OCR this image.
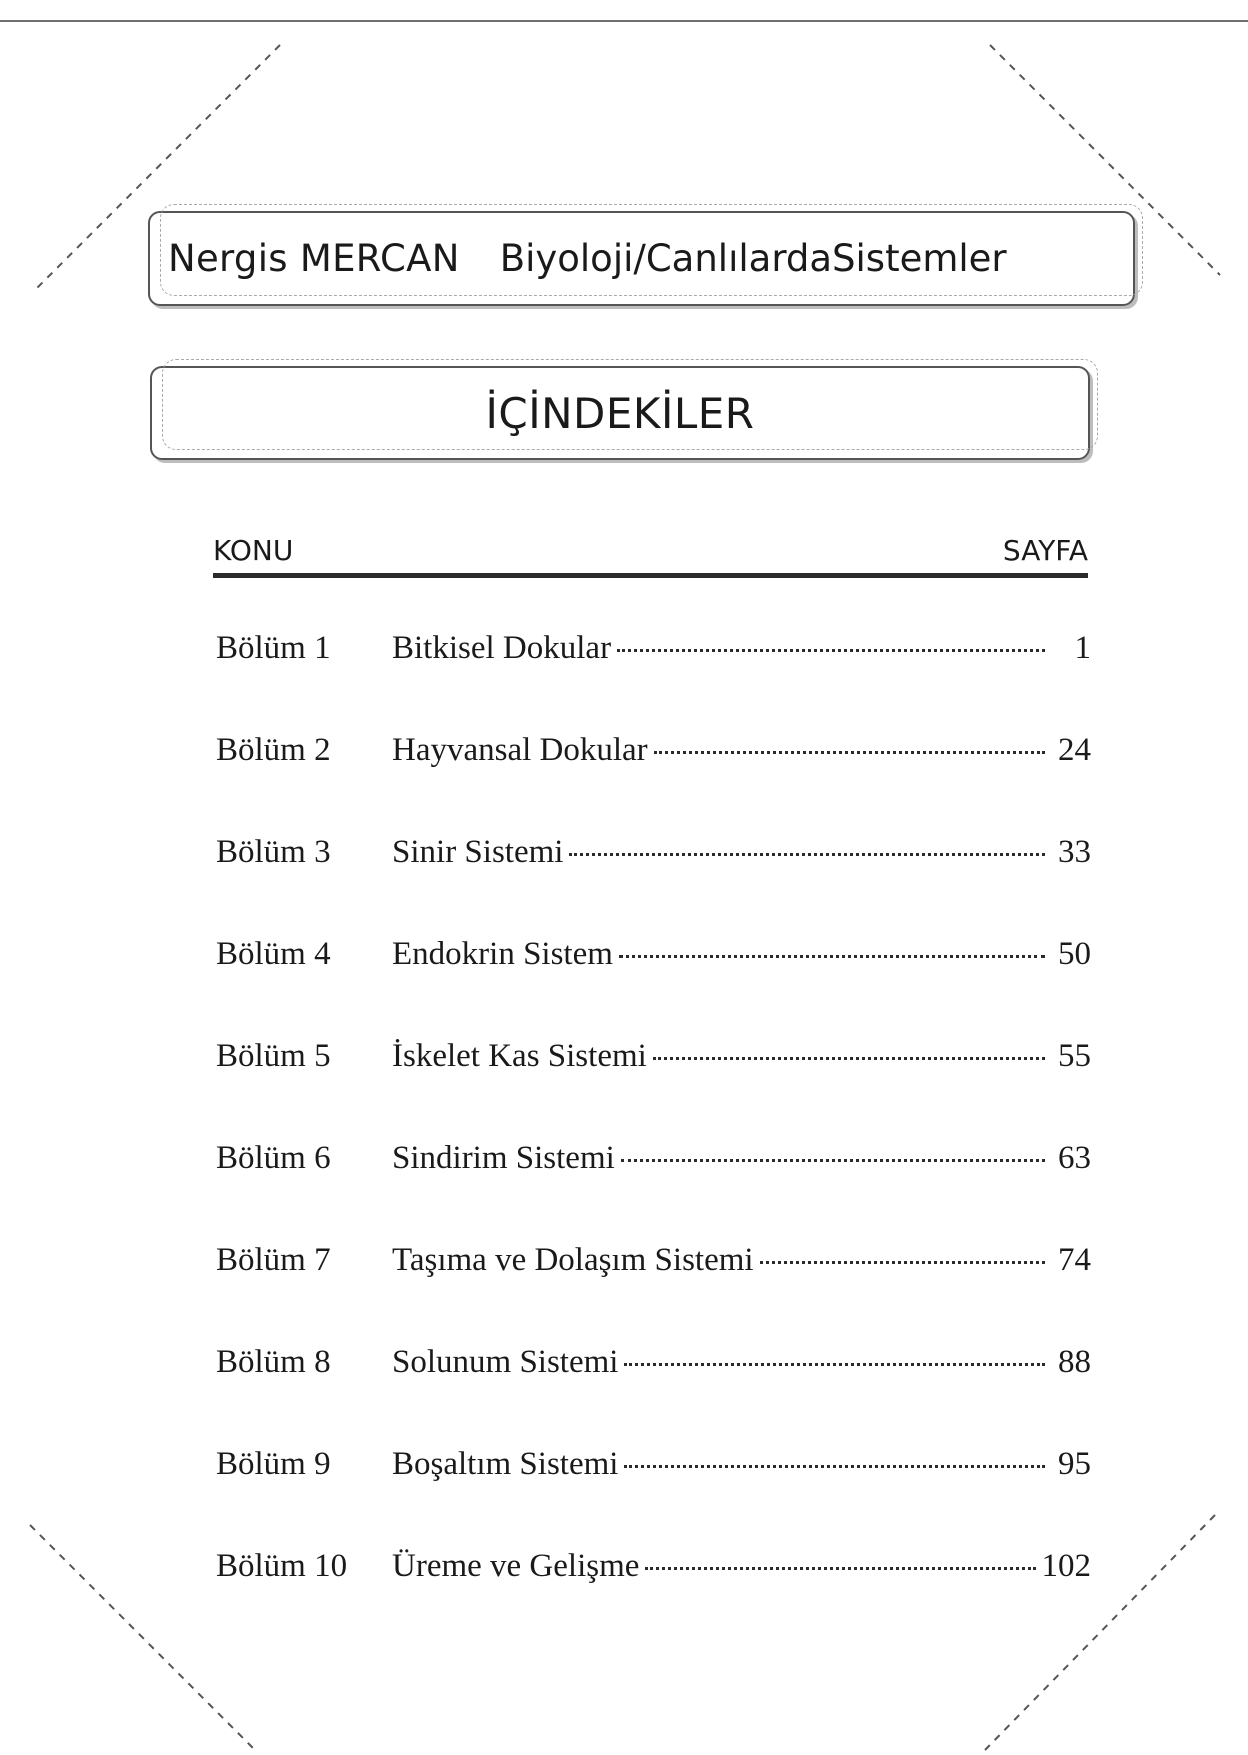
Nergis MERCAN Biyoloji/CanlılardaSistemler
İÇİNDEKİLER
KONU	SAYFA
Bölüm 1	Bitkisel Dokular	1
Bölüm 2	Hayvansal Dokular	24
Bölüm 3	Sinir Sistemi	33
Bölüm 4	Endokrin Sistem	50
Bölüm 5	İskelet Kas Sistemi	55
Bölüm 6	Sindirim Sistemi	63
Bölüm 7	Taşıma ve Dolaşım Sistemi	74
Bölüm 8	Solunum Sistemi	88
Bölüm 9	Boşaltım Sistemi	95
Bölüm 10	Üreme ve Gelişme	102
